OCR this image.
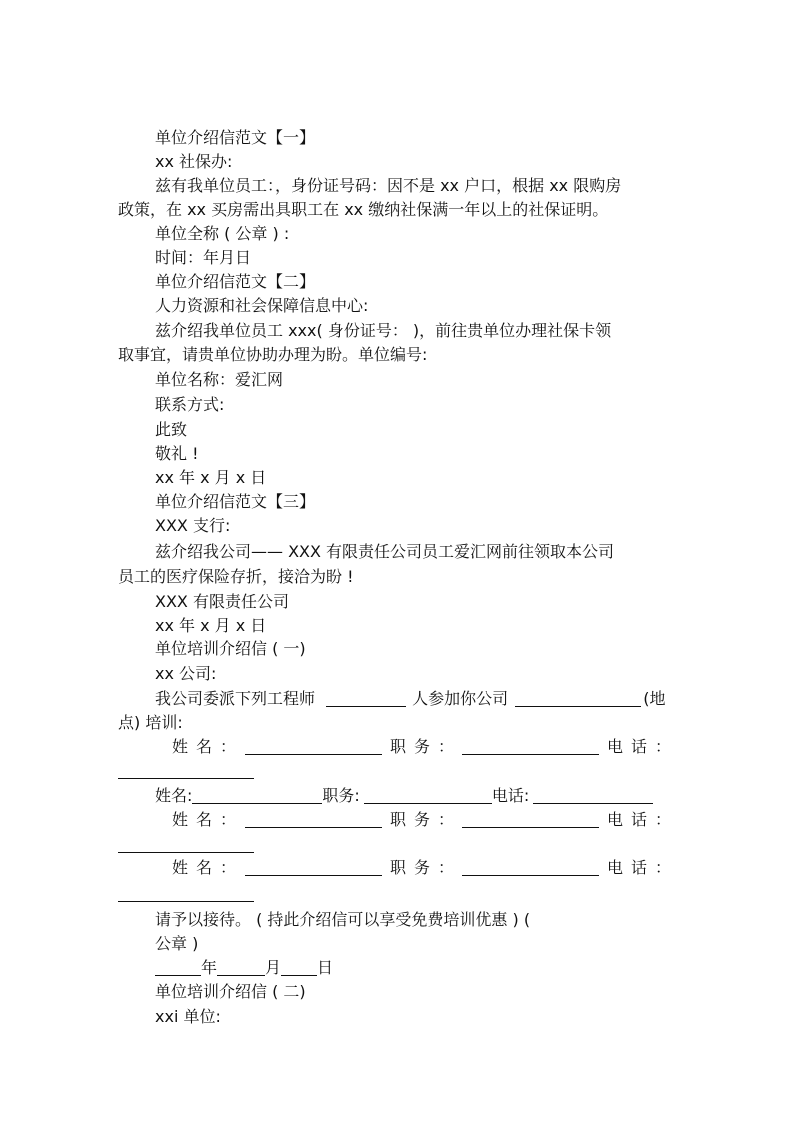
单位介绍信范文【一】
xx 社保办:
兹有我单位员工：，身份证号码：因不是 xx 户口，根据 xx 限购房
政策，在 xx 买房需出具职工在 xx 缴纳社保满一年以上的社保证明。
单位全称 ( 公章 ) :
时间：年月日
单位介绍信范文【二】
人力资源和社会保障信息中心:
兹介绍我单位员工 xxx( 身份证号： )，前往贵单位办理社保卡领
取事宜，请贵单位协助办理为盼。单位编号:
单位名称：爱汇网
联系方式:
此致
敬礼 !
xx 年 x 月 x 日
单位介绍信范文【三】
XXX 支行:
兹介绍我公司—— XXX 有限责任公司员工爱汇网前往领取本公司
员工的医疗保险存折，接洽为盼 !
XXX 有限责任公司
xx 年 x 月 x 日
单位培训介绍信 ( 一)
xx 公司:
我公司委派下列工程师	人参加你公司	(地
点) 培训:
姓 名 ：	职 务 ：	电 话 ：
姓名:	职务:	电话:
姓 名 ：	职 务 ：	电 话 ：
姓 名 ：	职 务 ：	电 话 ：
请予以接待。 ( 持此介绍信可以享受免费培训优惠 ) (
公章 )
年	月 日
单位培训介绍信 ( 二)
xxi 单位:
